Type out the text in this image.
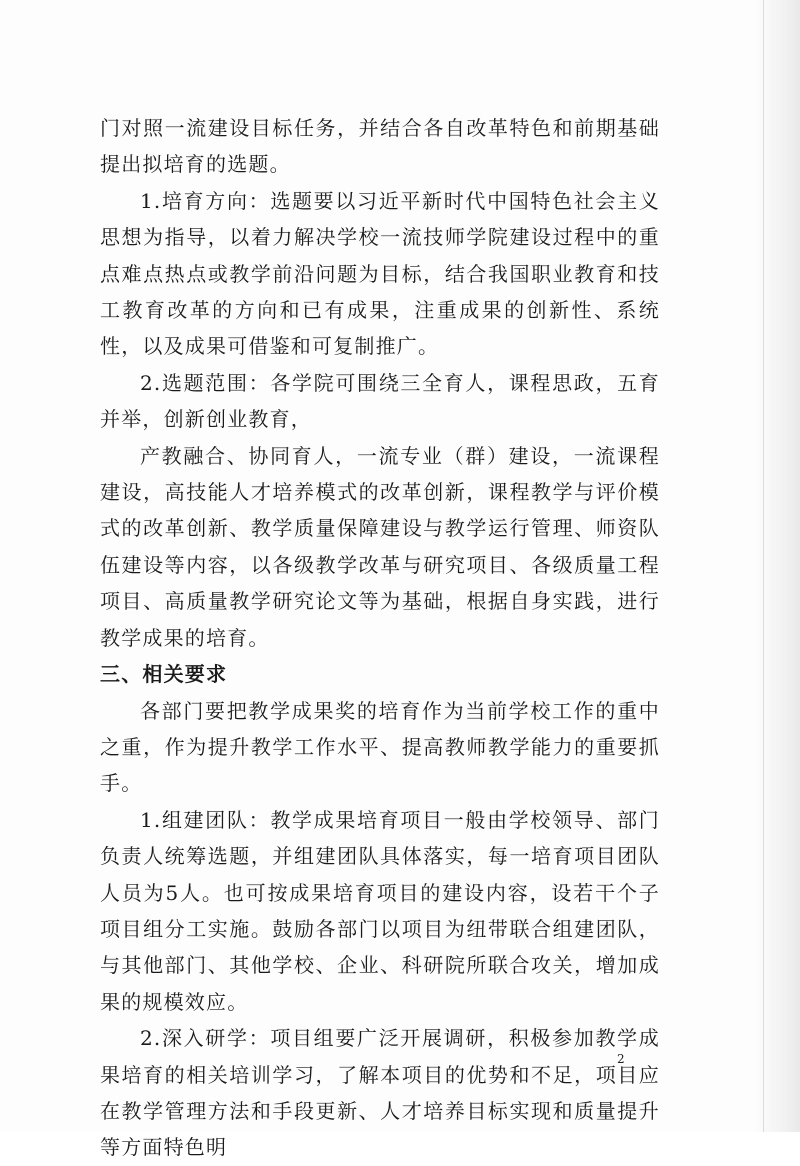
门对照一流建设目标任务，并结合各自改革特色和前期基础提出拟培育的选题。

1.培育方向：选题要以习近平新时代中国特色社会主义思想为指导，以着力解决学校一流技师学院建设过程中的重点难点热点或教学前沿问题为目标，结合我国职业教育和技工教育改革的方向和已有成果，注重成果的创新性、系统性，以及成果可借鉴和可复制推广。

2.选题范围：各学院可围绕三全育人，课程思政，五育并举，创新创业教育，

产教融合、协同育人，一流专业（群）建设，一流课程建设，高技能人才培养模式的改革创新，课程教学与评价模式的改革创新、教学质量保障建设与教学运行管理、师资队伍建设等内容，以各级教学改革与研究项目、各级质量工程项目、高质量教学研究论文等为基础，根据自身实践，进行教学成果的培育。

三、相关要求

各部门要把教学成果奖的培育作为当前学校工作的重中之重，作为提升教学工作水平、提高教师教学能力的重要抓手。

1.组建团队：教学成果培育项目一般由学校领导、部门负责人统筹选题，并组建团队具体落实，每一培育项目团队人员为5人。也可按成果培育项目的建设内容，设若干个子项目组分工实施。鼓励各部门以项目为纽带联合组建团队，与其他部门、其他学校、企业、科研院所联合攻关，增加成果的规模效应。

2.深入研学：项目组要广泛开展调研，积极参加教学成果培育的相关培训学习，了解本项目的优势和不足，项目应在教学管理方法和手段更新、人才培养目标实现和质量提升等方面特色明

2
